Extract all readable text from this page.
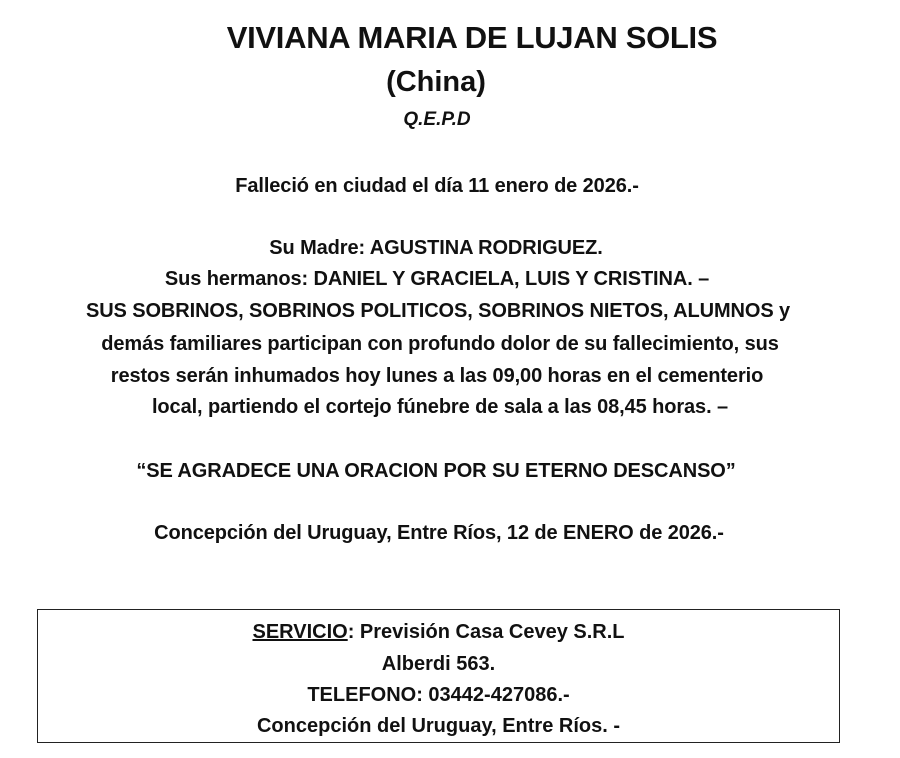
VIVIANA MARIA DE LUJAN SOLIS
(China)
Q.E.P.D
Falleció en ciudad el día 11 enero de 2026.-
Su Madre: AGUSTINA RODRIGUEZ.
Sus hermanos: DANIEL Y GRACIELA, LUIS Y CRISTINA. –
SUS SOBRINOS, SOBRINOS POLITICOS, SOBRINOS NIETOS, ALUMNOS y
demás familiares participan con profundo dolor de su fallecimiento, sus
restos serán inhumados hoy lunes a las 09,00 horas en el cementerio
local, partiendo el cortejo fúnebre de sala a las 08,45 horas. –
“SE AGRADECE UNA ORACION POR SU ETERNO DESCANSO”
Concepción del Uruguay, Entre Ríos, 12 de ENERO de 2026.-
SERVICIO: Previsión Casa Cevey S.R.L
Alberdi 563.
TELEFONO: 03442-427086.-
Concepción del Uruguay, Entre Ríos. -
